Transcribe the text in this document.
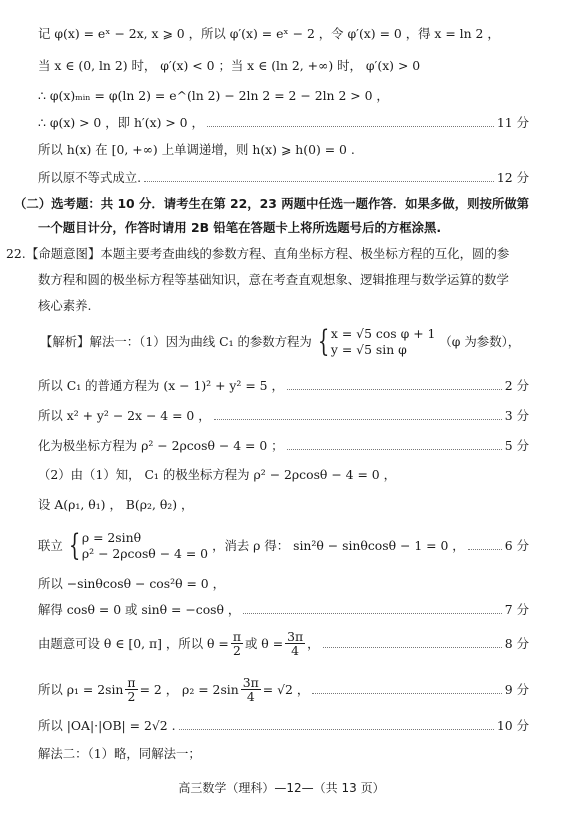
记 φ(x) = eˣ − 2x, x ⩾ 0 ，所以 φ′(x) = eˣ − 2 ，令 φ′(x) = 0 ，得 x = ln 2 ，
当 x ∈ (0, ln 2) 时， φ′(x) < 0 ；当 x ∈ (ln 2, +∞) 时， φ′(x) > 0
∴ φ(x)ₘᵢₙ = φ(ln 2) = e^(ln 2) − 2ln 2 = 2 − 2ln 2 > 0 ，
∴ φ(x) > 0 ，即 h′(x) > 0 ，	11 分
所以 h(x) 在 [0, +∞) 上单调递增，则 h(x) ⩾ h(0) = 0 .
所以原不等式成立.	12 分
（二）选考题：共 10 分．请考生在第 22，23 两题中任选一题作答．如果多做，则按所做第
一个题目计分，作答时请用 2B 铅笔在答题卡上将所选题号后的方框涂黑.
22. 【命题意图】本题主要考查曲线的参数方程、直角坐标方程、极坐标方程的互化，圆的参
数方程和圆的极坐标方程等基础知识，意在考查直观想象、逻辑推理与数学运算的数学
核心素养.
【解析】解法一：（1）因为曲线 C₁ 的参数方程为 { x = √5 cos φ + 1
y = √5 sin φ
（φ 为参数），
所以 C₁ 的普通方程为 (x − 1)² + y² = 5 ，	2 分
所以 x² + y² − 2x − 4 = 0 ，	3 分
化为极坐标方程为 ρ² − 2ρcosθ − 4 = 0 ；	5 分
（2）由（1）知， C₁ 的极坐标方程为 ρ² − 2ρcosθ − 4 = 0 ，
设 A(ρ₁, θ₁) ， B(ρ₂, θ₂) ，
联立 { ρ = 2sinθ
ρ² − 2ρcosθ − 4 = 0
，消去 ρ 得： sin²θ − sinθcosθ − 1 = 0 ，	6 分
所以 −sinθcosθ − cos²θ = 0 ，
解得 cosθ = 0 或 sinθ = −cosθ ，	7 分
由题意可设 θ ∈ [0, π] ，所以 $\theta = \frac{\pi}{2}$ 或 $\theta = \frac{3\pi}{4}$ ，	8 分
所以 $\rho_1 = 2\sin \frac{\pi}{2} = 2$ ， $\rho_2 = 2\sin \frac{3\pi}{4} = √2$ ，	9 分
所以 |OA|·|OB| = 2√2 .	10 分
解法二：（1）略，同解法一；
高三数学（理科）—12—（共 13 页）
